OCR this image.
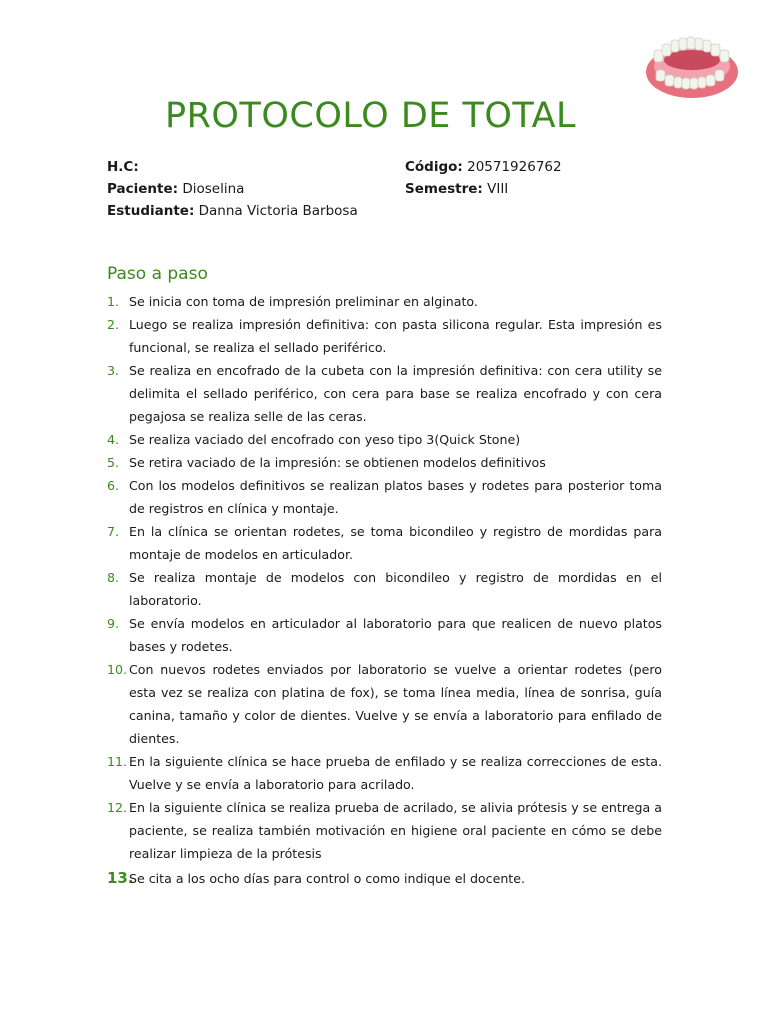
PROTOCOLO DE TOTAL
H.C:
Paciente: Dioselina
Estudiante: Danna Victoria Barbosa
Código: 20571926762
Semestre: VIII
Paso a paso
1. Se inicia con toma de impresión preliminar en alginato.
2. Luego se realiza impresión definitiva: con pasta silicona regular. Esta impresión es funcional, se realiza el sellado periférico.
3. Se realiza en encofrado de la cubeta con la impresión definitiva: con cera utility se delimita el sellado periférico, con cera para base se realiza encofrado y con cera pegajosa se realiza selle de las ceras.
4. Se realiza vaciado del encofrado con yeso tipo 3(Quick Stone)
5. Se retira vaciado de la impresión: se obtienen modelos definitivos
6. Con los modelos definitivos se realizan platos bases y rodetes para posterior toma de registros en clínica y montaje.
7. En la clínica se orientan rodetes, se toma bicondileo y registro de mordidas para montaje de modelos en articulador.
8. Se realiza montaje de modelos con bicondileo y registro de mordidas en el laboratorio.
9. Se envía modelos en articulador al laboratorio para que realicen de nuevo platos bases y rodetes.
10. Con nuevos rodetes enviados por laboratorio se vuelve a orientar rodetes (pero esta vez se realiza con platina de fox), se toma línea media, línea de sonrisa, guía canina, tamaño y color de dientes. Vuelve y se envía a laboratorio para enfilado de dientes.
11. En la siguiente clínica se hace prueba de enfilado y se realiza correcciones de esta. Vuelve y se envía a laboratorio para acrilado.
12. En la siguiente clínica se realiza prueba de acrilado, se alivia prótesis y se entrega a paciente, se realiza también motivación en higiene oral paciente en cómo se debe realizar limpieza de la prótesis
13.
Se cita a los ocho días para control o como indique el docente.
